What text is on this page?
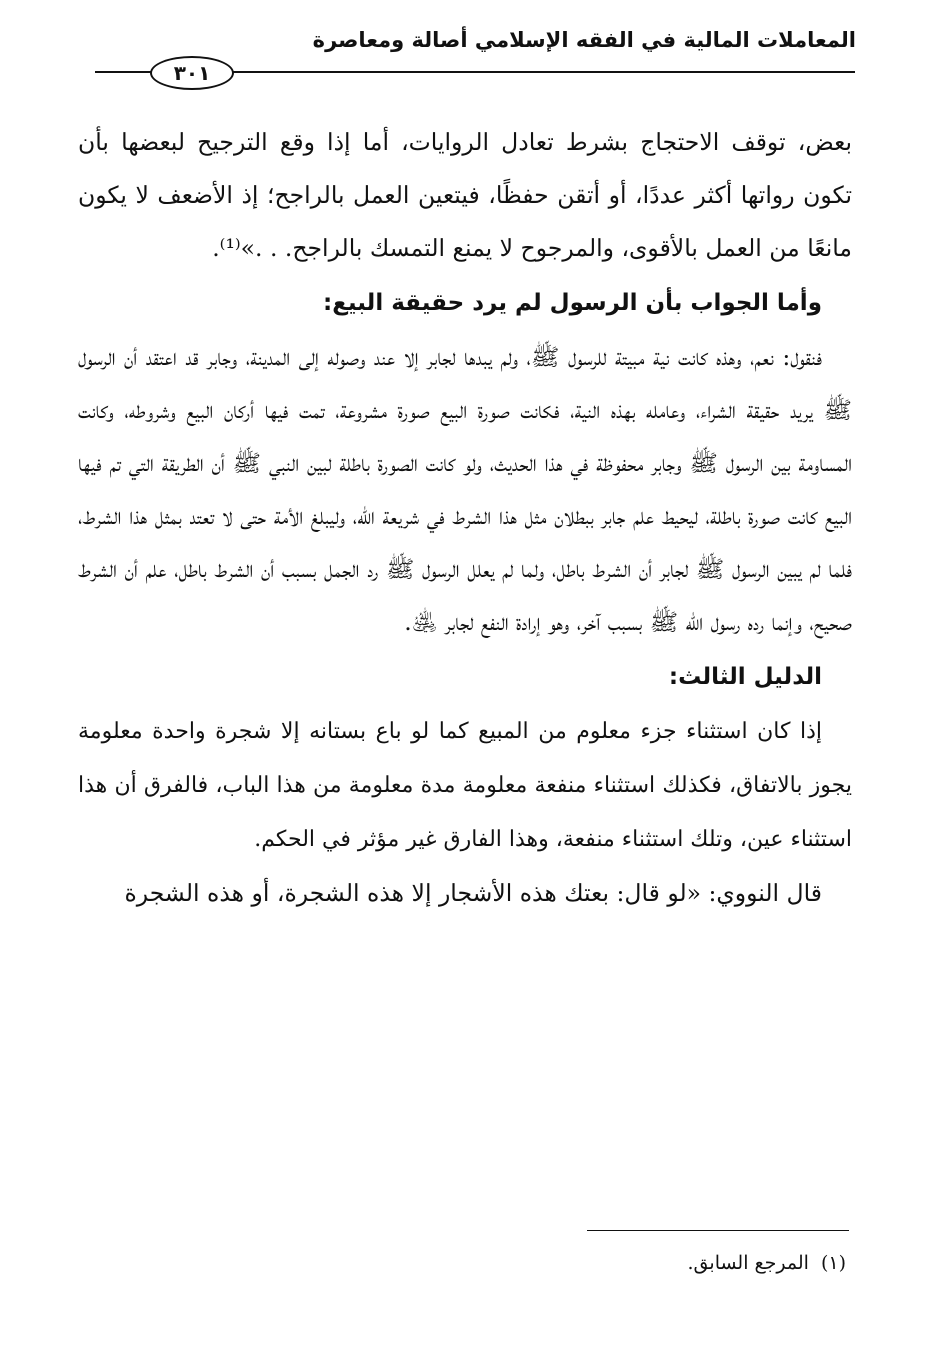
المعاملات المالية في الفقه الإسلامي أصالة ومعاصرة
٣٠١

بعض، توقف الاحتجاج بشرط تعادل الروايات، أما إذا وقع الترجيح لبعضها بأن تكون رواتها أكثر عددًا، أو أتقن حفظًا، فيتعين العمل بالراجح؛ إذ الأضعف لا يكون مانعًا من العمل بالأقوى، والمرجوح لا يمنع التمسك بالراجح. . .»⁽¹⁾.

وأما الجواب بأن الرسول لم يرد حقيقة البيع:

فنقول: نعم، وهذه كانت نية مبيتة للرسول ﷺ، ولم يبدها لجابر إلا عند وصوله إلى المدينة، وجابر قد اعتقد أن الرسول ﷺ يريد حقيقة الشراء، وعامله بهذه النية، فكانت صورة البيع صورة مشروعة، تمت فيها أركان البيع وشروطه، وكانت المساومة بين الرسول ﷺ وجابر محفوظة في هذا الحديث، ولو كانت الصورة باطلة لبين النبي ﷺ أن الطريقة التي تم فيها البيع كانت صورة باطلة، ليحيط علم جابر ببطلان مثل هذا الشرط في شريعة الله، وليبلغ الأمة حتى لا تعتد بمثل هذا الشرط، فلما لم يبين الرسول ﷺ لجابر أن الشرط باطل، ولما لم يعلل الرسول ﷺ رد الجمل بسبب أن الشرط باطل، علم أن الشرط صحيح، وإنما رده رسول الله ﷺ بسبب آخر، وهو إرادة النفع لجابر ﵁.

الدليل الثالث:

إذا كان استثناء جزء معلوم من المبيع كما لو باع بستانه إلا شجرة واحدة معلومة يجوز بالاتفاق، فكذلك استثناء منفعة معلومة مدة معلومة من هذا الباب، فالفرق أن هذا استثناء عين، وتلك استثناء منفعة، وهذا الفارق غير مؤثر في الحكم.

قال النووي: «لو قال: بعتك هذه الأشجار إلا هذه الشجرة، أو هذه الشجرة

(١)المرجع السابق.
